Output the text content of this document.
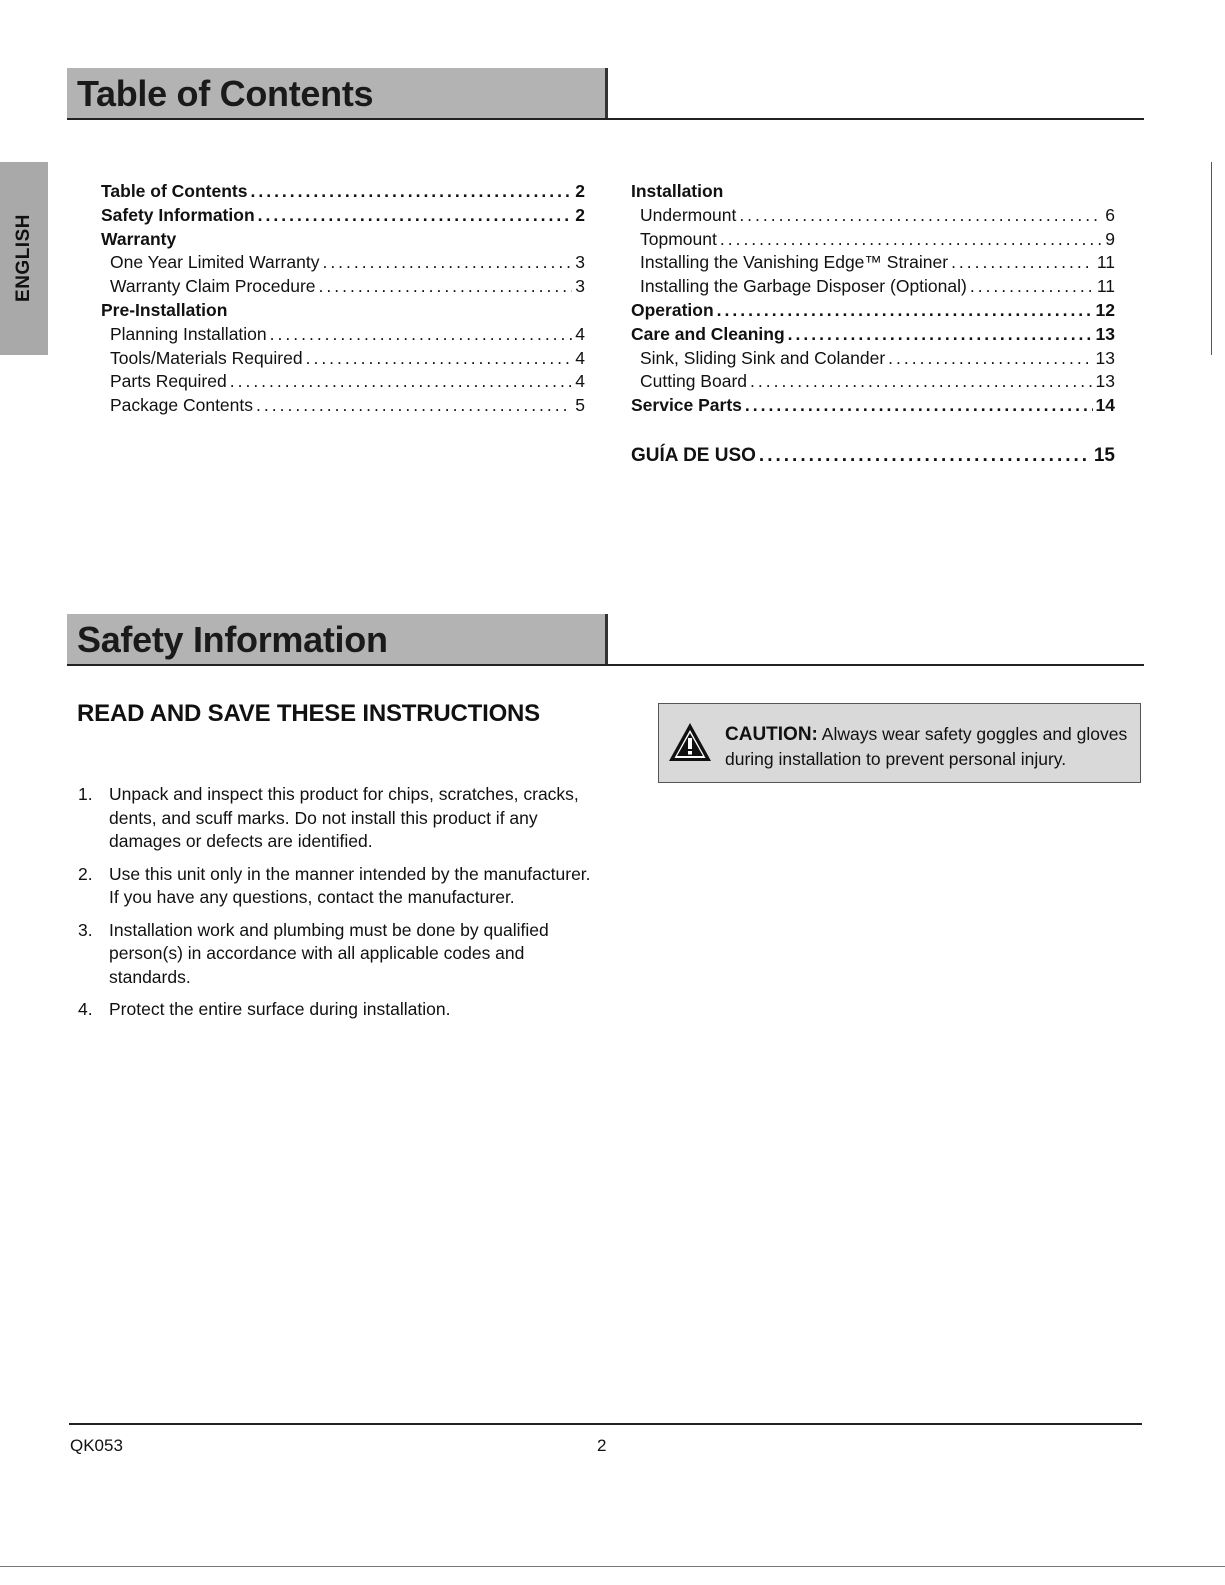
ENGLISH
Table of Contents
Table of Contents .....	2
Safety Information .....	2
Warranty
One Year Limited Warranty .....	3
Warranty Claim Procedure .....	3
Pre-Installation
Planning Installation .....	4
Tools/Materials Required .....	4
Parts Required .....	4
Package Contents .....	5
Installation
Undermount .....	6
Topmount .....	9
Installing the Vanishing Edge™ Strainer .....	11
Installing the Garbage Disposer (Optional) .....	11
Operation .....	12
Care and Cleaning .....	13
Sink, Sliding Sink and Colander .....	13
Cutting Board .....	13
Service Parts .....	14
GUÍA DE USO .....	15
Safety Information
READ AND SAVE THESE INSTRUCTIONS
1. Unpack and inspect this product for chips, scratches, cracks, dents, and scuff marks. Do not install this product if any damages or defects are identified.
2. Use this unit only in the manner intended by the manufacturer. If you have any questions, contact the manufacturer.
3. Installation work and plumbing must be done by qualified person(s) in accordance with all applicable codes and standards.
4. Protect the entire surface during installation.
CAUTION: Always wear safety goggles and gloves during installation to prevent personal injury.
QK053	2
